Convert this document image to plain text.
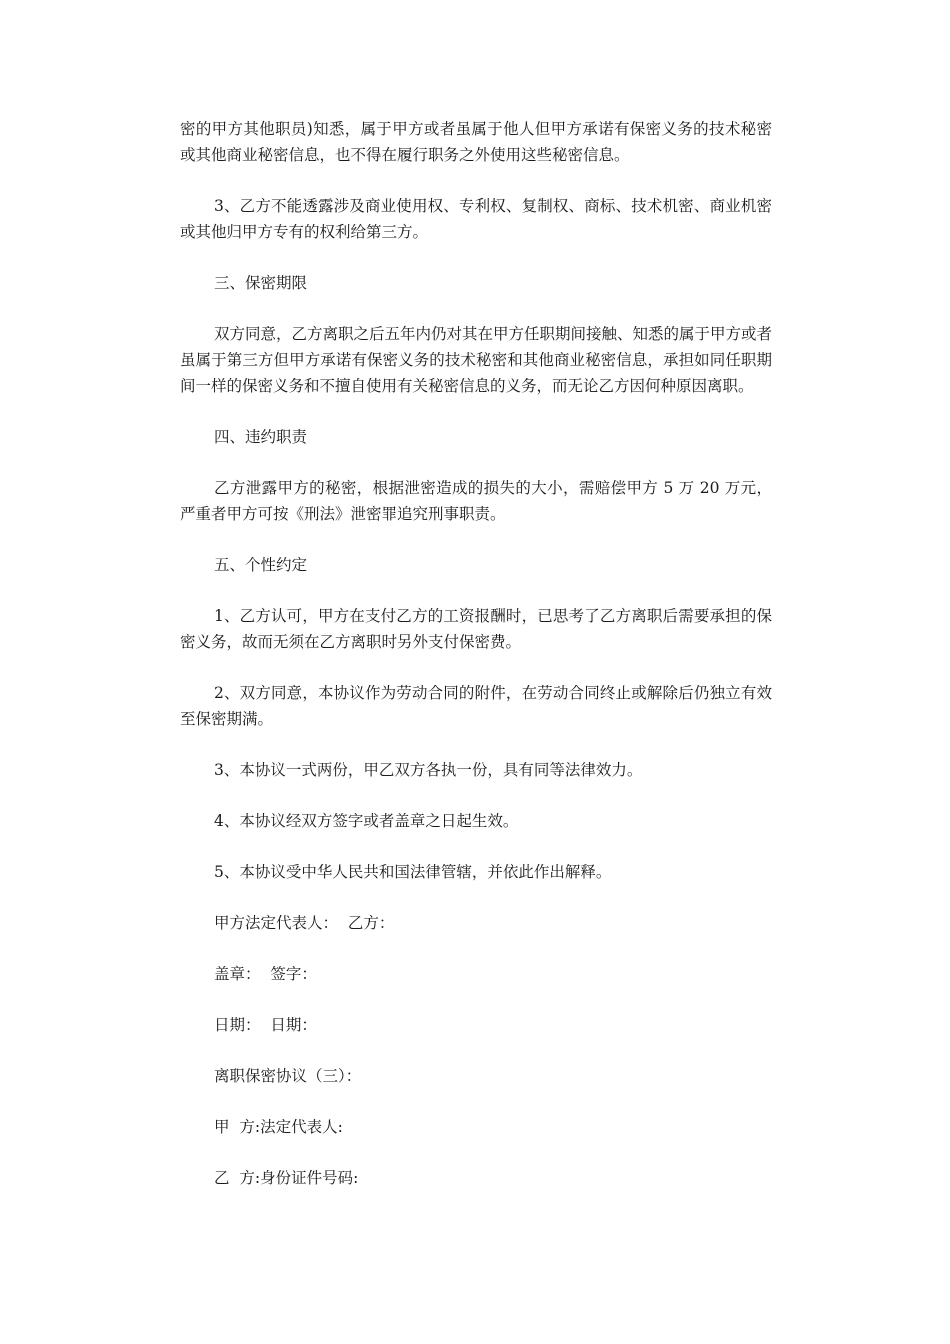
密的甲方其他职员)知悉，属于甲方或者虽属于他人但甲方承诺有保密义务的技术秘密或其他商业秘密信息，也不得在履行职务之外使用这些秘密信息。

3、乙方不能透露涉及商业使用权、专利权、复制权、商标、技术机密、商业机密或其他归甲方专有的权利给第三方。

三、保密期限

双方同意，乙方离职之后五年内仍对其在甲方任职期间接触、知悉的属于甲方或者虽属于第三方但甲方承诺有保密义务的技术秘密和其他商业秘密信息，承担如同任职期间一样的保密义务和不擅自使用有关秘密信息的义务，而无论乙方因何种原因离职。

四、违约职责

乙方泄露甲方的秘密，根据泄密造成的损失的大小，需赔偿甲方 5 万 20 万元，严重者甲方可按《刑法》泄密罪追究刑事职责。

五、个性约定

1、乙方认可，甲方在支付乙方的工资报酬时，已思考了乙方离职后需要承担的保密义务，故而无须在乙方离职时另外支付保密费。

2、双方同意，本协议作为劳动合同的附件，在劳动合同终止或解除后仍独立有效至保密期满。

3、本协议一式两份，甲乙双方各执一份，具有同等法律效力。

4、本协议经双方签字或者盖章之日起生效。

5、本协议受中华人民共和国法律管辖，并依此作出解释。

甲方法定代表人：  乙方：

盖章：  签字：

日期：  日期：

离职保密协议（三）：

甲  方:法定代表人:

乙  方:身份证件号码:
